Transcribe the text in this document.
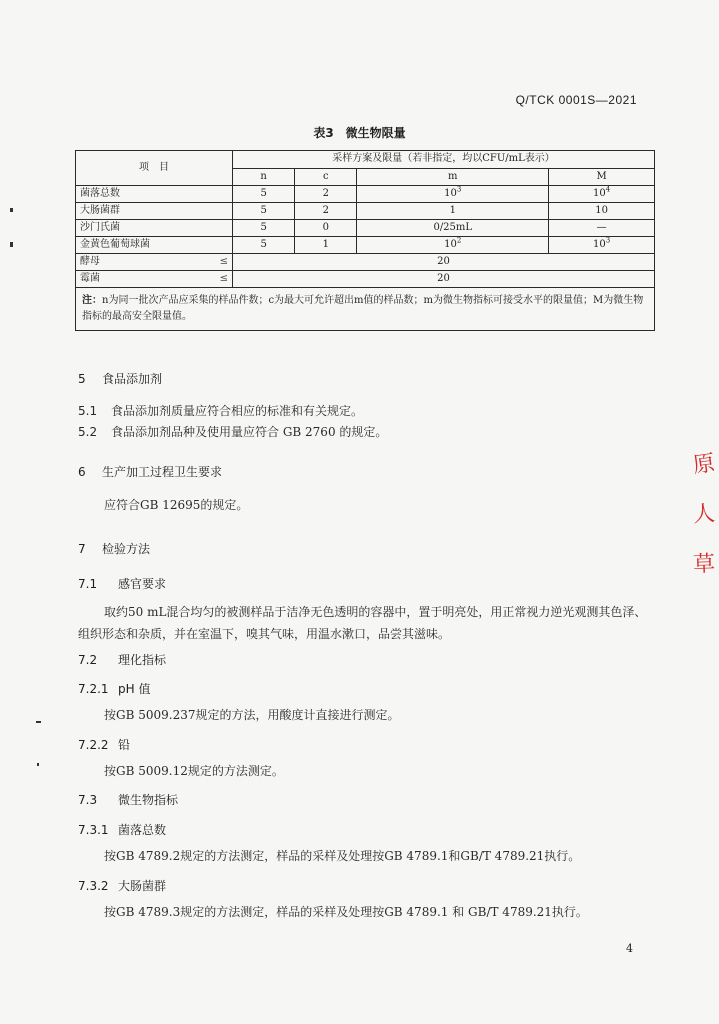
Q/TCK 0001S—2021
表3　微生物限量
项　目		采样方案及限量（若非指定，均以CFU/mL表示）			
		n	c	m	M
菌落总数		5	2	$10^3$	$10^4$
大肠菌群		5	2	1	10
沙门氏菌		5	0	0/25mL	—
金黄色葡萄球菌		5	1	$10^2$	$10^3$
酵母	≤	20			
霉菌	≤	20			
注：n为同一批次产品应采集的样品件数；c为最大可允许超出m值的样品数；m为微生物指标可接受水平的限量值；M为微生物指标的最高安全限量值。					
5 食品添加剂
5.1 食品添加剂质量应符合相应的标准和有关规定。
5.2 食品添加剂品种及使用量应符合 GB 2760 的规定。
6 生产加工过程卫生要求
应符合GB 12695的规定。
7 检验方法
7.1 感官要求
取约50 mL混合均匀的被测样品于洁净无色透明的容器中，置于明亮处，用正常视力逆光观测其色泽、组织形态和杂质，并在室温下，嗅其气味，用温水漱口，品尝其滋味。
7.2 理化指标
7.2.1 pH 值
按GB 5009.237规定的方法，用酸度计直接进行测定。
7.2.2 铅
按GB 5009.12规定的方法测定。
7.3 微生物指标
7.3.1 菌落总数
按GB 4789.2规定的方法测定，样品的采样及处理按GB 4789.1和GB/T 4789.21执行。
7.3.2 大肠菌群
按GB 4789.3规定的方法测定，样品的采样及处理按GB 4789.1 和 GB/T 4789.21执行。
4
原
人
草
